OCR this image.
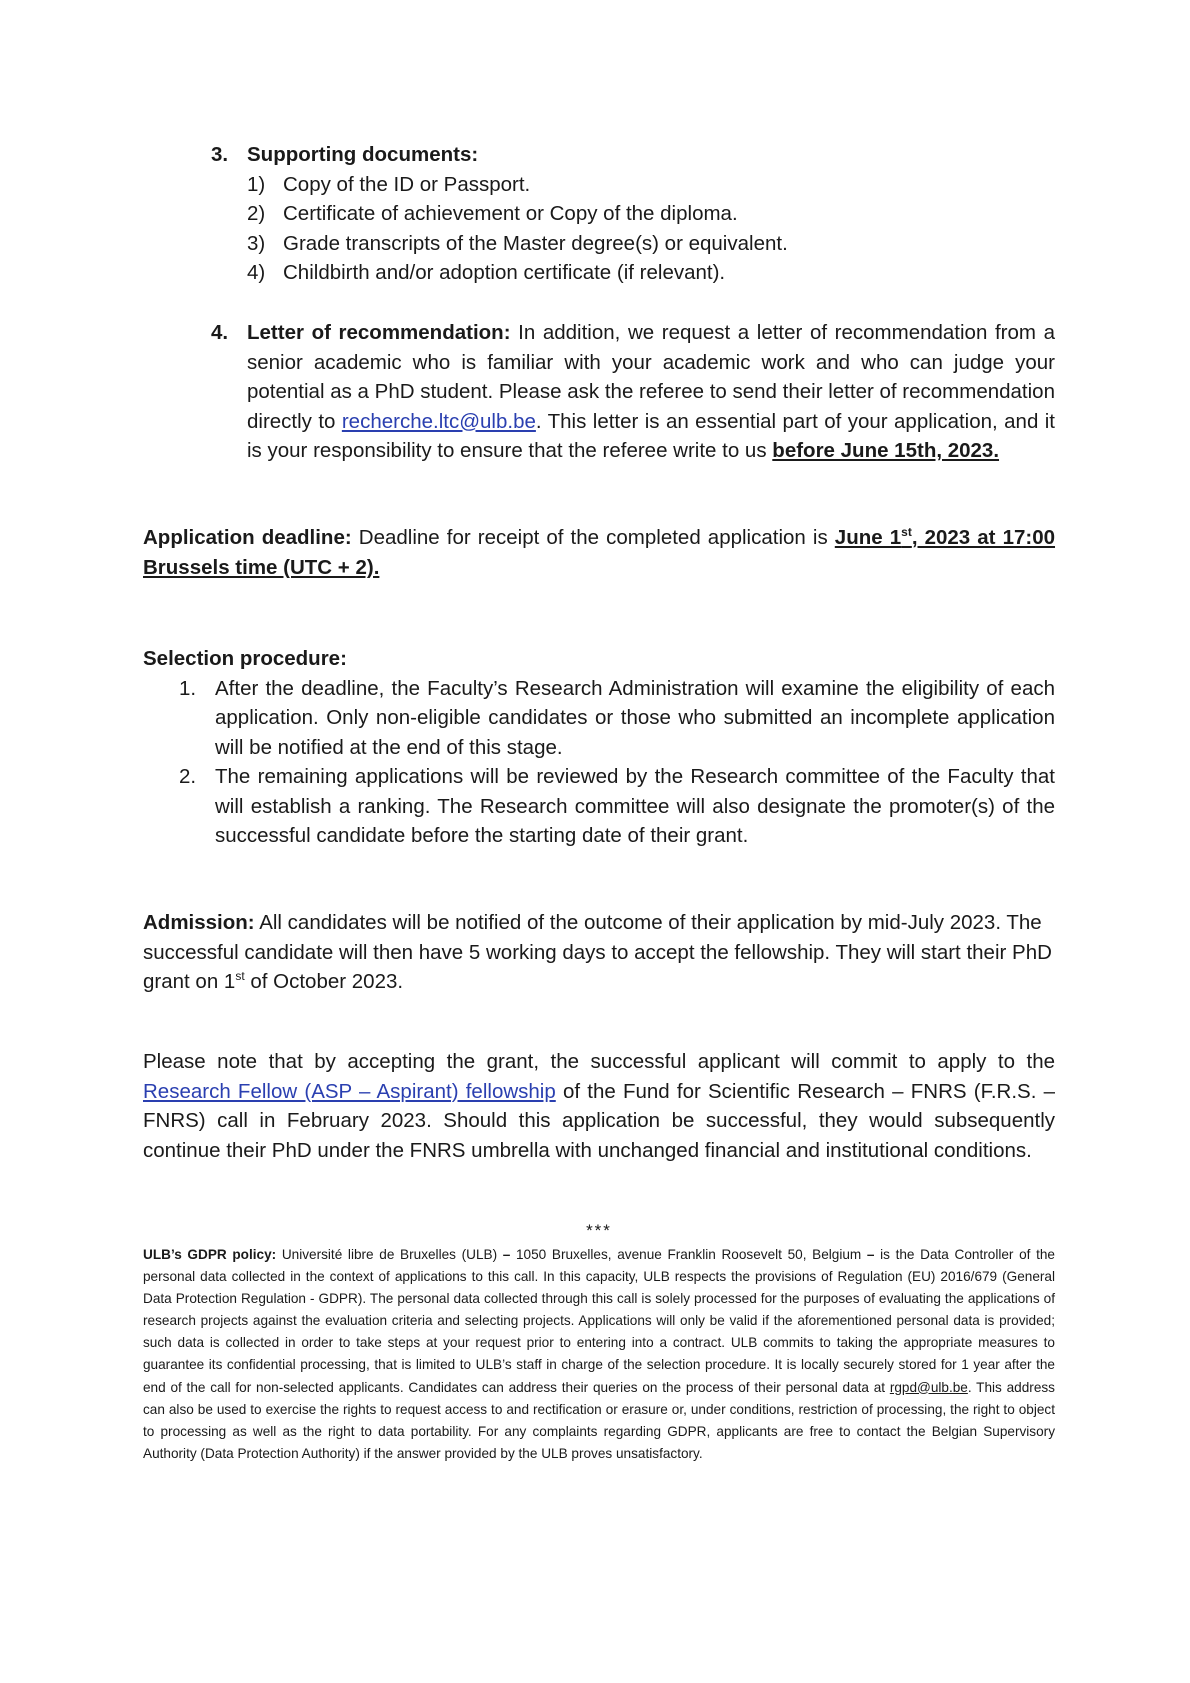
3. Supporting documents:
1) Copy of the ID or Passport.
2) Certificate of achievement or Copy of the diploma.
3) Grade transcripts of the Master degree(s) or equivalent.
4) Childbirth and/or adoption certificate (if relevant).
4. Letter of recommendation: In addition, we request a letter of recommendation from a senior academic who is familiar with your academic work and who can judge your potential as a PhD student. Please ask the referee to send their letter of recommendation directly to recherche.ltc@ulb.be. This letter is an essential part of your application, and it is your responsibility to ensure that the referee write to us before June 15th, 2023.
Application deadline: Deadline for receipt of the completed application is June 1st, 2023 at 17:00 Brussels time (UTC + 2).
Selection procedure:
1. After the deadline, the Faculty’s Research Administration will examine the eligibility of each application. Only non-eligible candidates or those who submitted an incomplete application will be notified at the end of this stage.
2. The remaining applications will be reviewed by the Research committee of the Faculty that will establish a ranking. The Research committee will also designate the promoter(s) of the successful candidate before the starting date of their grant.
Admission: All candidates will be notified of the outcome of their application by mid-July 2023. The successful candidate will then have 5 working days to accept the fellowship. They will start their PhD grant on 1st of October 2023.
Please note that by accepting the grant, the successful applicant will commit to apply to the Research Fellow (ASP – Aspirant) fellowship of the Fund for Scientific Research – FNRS (F.R.S. – FNRS) call in February 2023. Should this application be successful, they would subsequently continue their PhD under the FNRS umbrella with unchanged financial and institutional conditions.
***
ULB’s GDPR policy: Université libre de Bruxelles (ULB) – 1050 Bruxelles, avenue Franklin Roosevelt 50, Belgium – is the Data Controller of the personal data collected in the context of applications to this call. In this capacity, ULB respects the provisions of Regulation (EU) 2016/679 (General Data Protection Regulation - GDPR). The personal data collected through this call is solely processed for the purposes of evaluating the applications of research projects against the evaluation criteria and selecting projects. Applications will only be valid if the aforementioned personal data is provided; such data is collected in order to take steps at your request prior to entering into a contract. ULB commits to taking the appropriate measures to guarantee its confidential processing, that is limited to ULB’s staff in charge of the selection procedure. It is locally securely stored for 1 year after the end of the call for non-selected applicants. Candidates can address their queries on the process of their personal data at rgpd@ulb.be. This address can also be used to exercise the rights to request access to and rectification or erasure or, under conditions, restriction of processing, the right to object to processing as well as the right to data portability. For any complaints regarding GDPR, applicants are free to contact the Belgian Supervisory Authority (Data Protection Authority) if the answer provided by the ULB proves unsatisfactory.
